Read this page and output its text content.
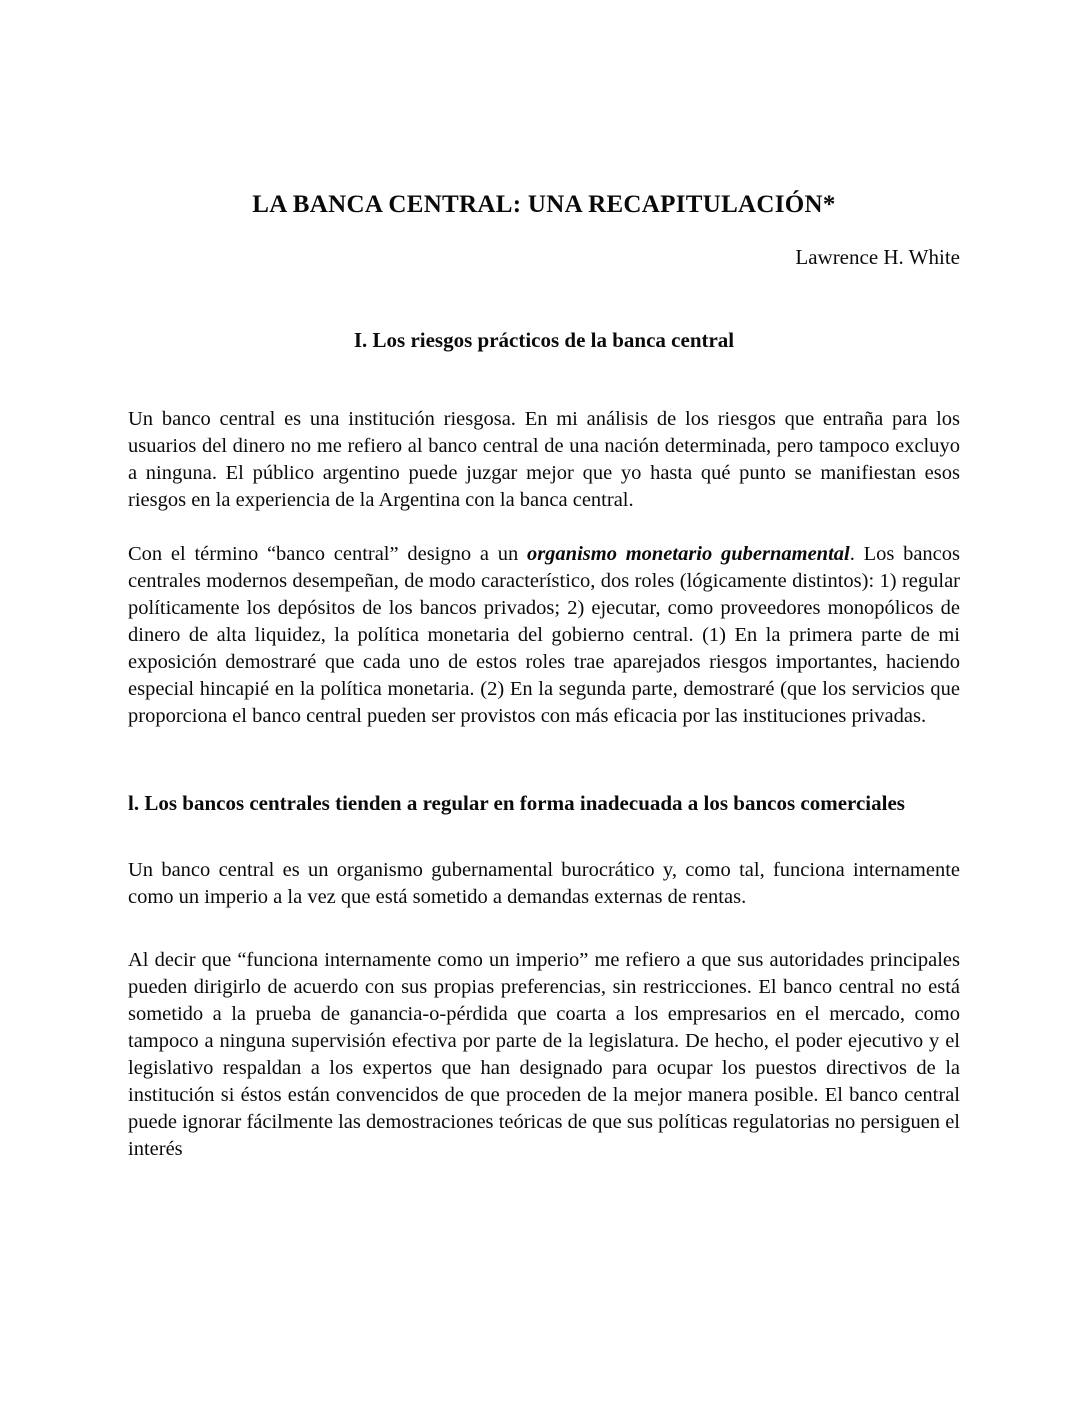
LA BANCA CENTRAL: UNA RECAPITULACIÓN*
Lawrence H. White
I. Los riesgos prácticos de la banca central

Un banco central es una institución riesgosa. En mi análisis de los riesgos que entraña para los usuarios del dinero no me refiero al banco central de una nación determinada, pero tampoco excluyo a ninguna. El público argentino puede juzgar mejor que yo hasta qué punto se manifiestan esos riesgos en la experiencia de la Argentina con la banca central.

Con el término “banco central” designo a un organismo monetario gubernamental. Los bancos centrales modernos desempeñan, de modo característico, dos roles (lógicamente distintos): 1) regular políticamente los depósitos de los bancos privados; 2) ejecutar, como proveedores monopólicos de dinero de alta liquidez, la política monetaria del gobierno central. (1) En la primera parte de mi exposición demostraré que cada uno de estos roles trae aparejados riesgos importantes, haciendo especial hincapié en la política monetaria. (2) En la segunda parte, demostraré (que los servicios que proporciona el banco central pueden ser provistos con más eficacia por las instituciones privadas.

l. Los bancos centrales tienden a regular en forma inadecuada a los bancos comerciales

Un banco central es un organismo gubernamental burocrático y, como tal, funciona internamente como un imperio a la vez que está sometido a demandas externas de rentas.

Al decir que “funciona internamente como un imperio” me refiero a que sus autoridades principales pueden dirigirlo de acuerdo con sus propias preferencias, sin restricciones. El banco central no está sometido a la prueba de ganancia-o-pérdida que coarta a los empresarios en el mercado, como tampoco a ninguna supervisión efectiva por parte de la legislatura. De hecho, el poder ejecutivo y el legislativo respaldan a los expertos que han designado para ocupar los puestos directivos de la institución si éstos están convencidos de que proceden de la mejor manera posible. El banco central puede ignorar fácilmente las demostraciones teóricas de que sus políticas regulatorias no persiguen el interés
